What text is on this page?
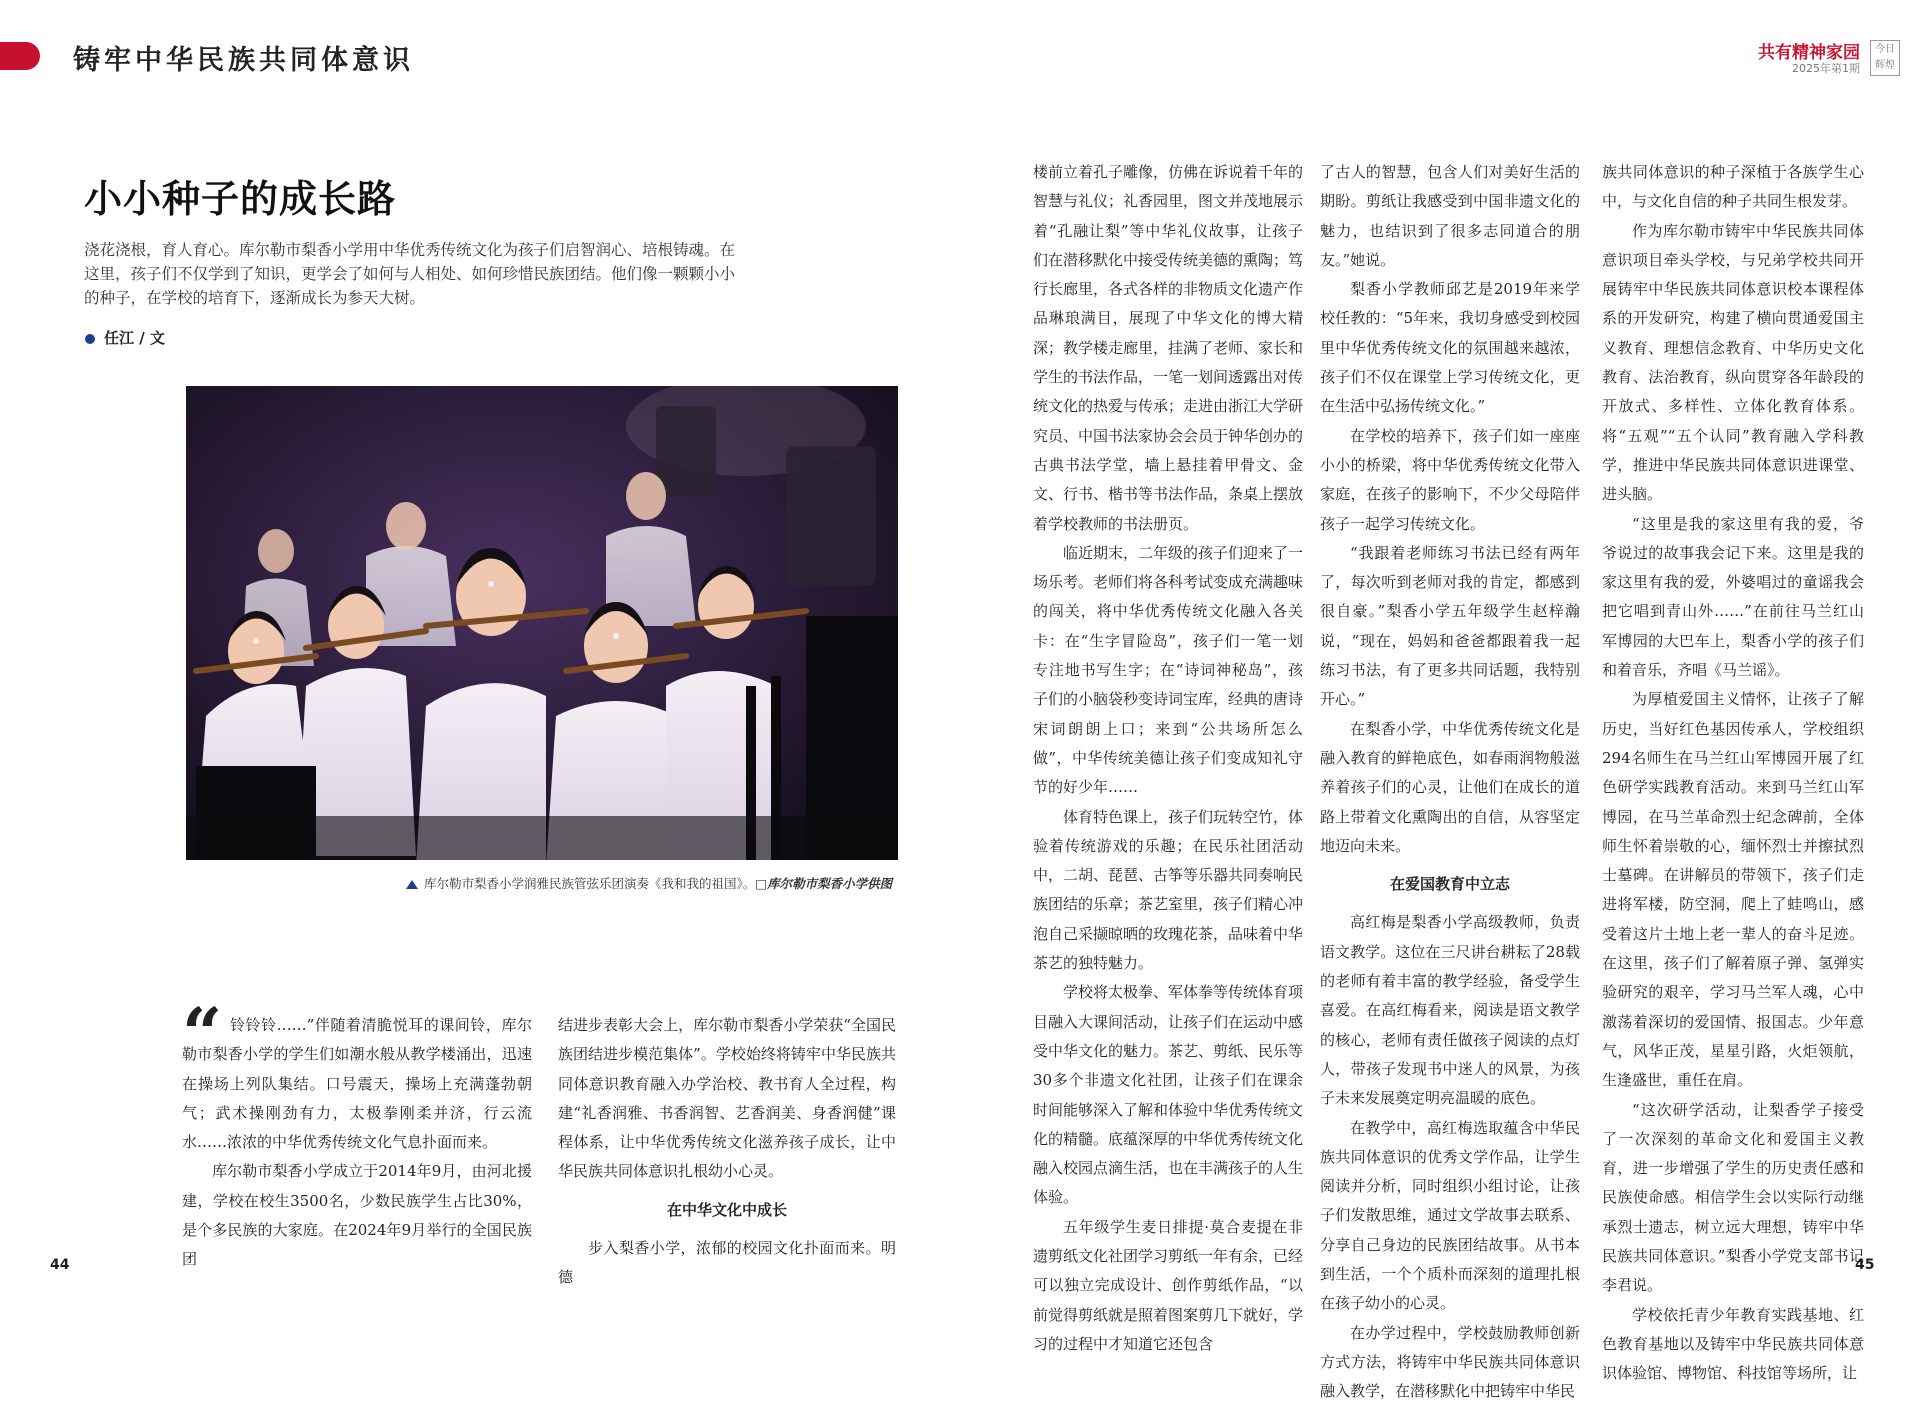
铸牢中华民族共同体意识	共有精神家园
2025年第1期
今日 辉煌
小小种子的成长路
浇花浇根，育人育心。库尔勒市梨香小学用中华优秀传统文化为孩子们启智润心、培根铸魂。在这里，孩子们不仅学到了知识，更学会了如何与人相处、如何珍惜民族团结。他们像一颗颗小小的种子，在学校的培育下，逐渐成长为参天大树。
任江 / 文
库尔勒市梨香小学润雅民族管弦乐团演奏《我和我的祖国》。□库尔勒市梨香小学供图
“ 铃铃铃……”伴随着清脆悦耳的课间铃，库尔勒市梨香小学的学生们如潮水般从教学楼涌出，迅速在操场上列队集结。口号震天，操场上充满蓬勃朝气；武术操刚劲有力，太极拳刚柔并济，行云流水……浓浓的中华优秀传统文化气息扑面而来。

库尔勒市梨香小学成立于2014年9月，由河北援建，学校在校生3500名，少数民族学生占比30%，是个多民族的大家庭。在2024年9月举行的全国民族团

结进步表彰大会上，库尔勒市梨香小学荣获“全国民族团结进步模范集体”。学校始终将铸牢中华民族共同体意识教育融入办学治校、教书育人全过程，构建“礼香润雅、书香润智、艺香润美、身香润健”课程体系，让中华优秀传统文化滋养孩子成长，让中华民族共同体意识扎根幼小心灵。

在中华文化中成长

步入梨香小学，浓郁的校园文化扑面而来。明德

楼前立着孔子雕像，仿佛在诉说着千年的智慧与礼仪；礼香园里，图文并茂地展示着“孔融让梨”等中华礼仪故事，让孩子们在潜移默化中接受传统美德的熏陶；笃行长廊里，各式各样的非物质文化遗产作品琳琅满目，展现了中华文化的博大精深；教学楼走廊里，挂满了老师、家长和学生的书法作品，一笔一划间透露出对传统文化的热爱与传承；走进由浙江大学研究员、中国书法家协会会员于钟华创办的古典书法学堂，墙上悬挂着甲骨文、金文、行书、楷书等书法作品，条桌上摆放着学校教师的书法册页。

临近期末，二年级的孩子们迎来了一场乐考。老师们将各科考试变成充满趣味的闯关，将中华优秀传统文化融入各关卡：在“生字冒险岛”，孩子们一笔一划专注地书写生字；在“诗词神秘岛”，孩子们的小脑袋秒变诗词宝库，经典的唐诗宋词朗朗上口；来到“公共场所怎么做”，中华传统美德让孩子们变成知礼守节的好少年……

体育特色课上，孩子们玩转空竹，体验着传统游戏的乐趣；在民乐社团活动中，二胡、琵琶、古筝等乐器共同奏响民族团结的乐章；茶艺室里，孩子们精心冲泡自己采撷晾晒的玫瑰花茶，品味着中华茶艺的独特魅力。

学校将太极拳、军体拳等传统体育项目融入大课间活动，让孩子们在运动中感受中华文化的魅力。茶艺、剪纸、民乐等30多个非遗文化社团，让孩子们在课余时间能够深入了解和体验中华优秀传统文化的精髓。底蕴深厚的中华优秀传统文化融入校园点滴生活，也在丰满孩子的人生体验。

五年级学生麦日排提·莫合麦提在非遗剪纸文化社团学习剪纸一年有余，已经可以独立完成设计、创作剪纸作品，“以前觉得剪纸就是照着图案剪几下就好，学习的过程中才知道它还包含

了古人的智慧，包含人们对美好生活的期盼。剪纸让我感受到中国非遗文化的魅力，也结识到了很多志同道合的朋友。”她说。

梨香小学教师邱艺是2019年来学校任教的：“5年来，我切身感受到校园里中华优秀传统文化的氛围越来越浓，孩子们不仅在课堂上学习传统文化，更在生活中弘扬传统文化。”

在学校的培养下，孩子们如一座座小小的桥梁，将中华优秀传统文化带入家庭，在孩子的影响下，不少父母陪伴孩子一起学习传统文化。

“我跟着老师练习书法已经有两年了，每次听到老师对我的肯定，都感到很自豪。”梨香小学五年级学生赵梓瀚说，“现在，妈妈和爸爸都跟着我一起练习书法，有了更多共同话题，我特别开心。”

在梨香小学，中华优秀传统文化是融入教育的鲜艳底色，如春雨润物般滋养着孩子们的心灵，让他们在成长的道路上带着文化熏陶出的自信，从容坚定地迈向未来。

在爱国教育中立志

高红梅是梨香小学高级教师，负责语文教学。这位在三尺讲台耕耘了28载的老师有着丰富的教学经验，备受学生喜爱。在高红梅看来，阅读是语文教学的核心，老师有责任做孩子阅读的点灯人，带孩子发现书中迷人的风景，为孩子未来发展奠定明亮温暖的底色。

在教学中，高红梅选取蕴含中华民族共同体意识的优秀文学作品，让学生阅读并分析，同时组织小组讨论，让孩子们发散思维，通过文学故事去联系、分享自己身边的民族团结故事。从书本到生活，一个个质朴而深刻的道理扎根在孩子幼小的心灵。

在办学过程中，学校鼓励教师创新方式方法，将铸牢中华民族共同体意识融入教学，在潜移默化中把铸牢中华民

族共同体意识的种子深植于各族学生心中，与文化自信的种子共同生根发芽。

作为库尔勒市铸牢中华民族共同体意识项目牵头学校，与兄弟学校共同开展铸牢中华民族共同体意识校本课程体系的开发研究，构建了横向贯通爱国主义教育、理想信念教育、中华历史文化教育、法治教育，纵向贯穿各年龄段的开放式、多样性、立体化教育体系。将“五观”“五个认同”教育融入学科教学，推进中华民族共同体意识进课堂、进头脑。

“这里是我的家这里有我的爱，爷爷说过的故事我会记下来。这里是我的家这里有我的爱，外婆唱过的童谣我会把它唱到青山外……”在前往马兰红山军博园的大巴车上，梨香小学的孩子们和着音乐，齐唱《马兰谣》。

为厚植爱国主义情怀，让孩子了解历史，当好红色基因传承人，学校组织294名师生在马兰红山军博园开展了红色研学实践教育活动。来到马兰红山军博园，在马兰革命烈士纪念碑前，全体师生怀着崇敬的心，缅怀烈士并擦拭烈士墓碑。在讲解员的带领下，孩子们走进将军楼，防空洞，爬上了蛙鸣山，感受着这片土地上老一辈人的奋斗足迹。在这里，孩子们了解着原子弹、氢弹实验研究的艰辛，学习马兰军人魂，心中激荡着深切的爱国情、报国志。少年意气，风华正茂，星星引路，火炬领航，生逢盛世，重任在肩。

“这次研学活动，让梨香学子接受了一次深刻的革命文化和爱国主义教育，进一步增强了学生的历史责任感和民族使命感。相信学生会以实际行动继承烈士遗志，树立远大理想，铸牢中华民族共同体意识。”梨香小学党支部书记李君说。

学校依托青少年教育实践基地、红色教育基地以及铸牢中华民族共同体意识体验馆、博物馆、科技馆等场所，让

44	45
